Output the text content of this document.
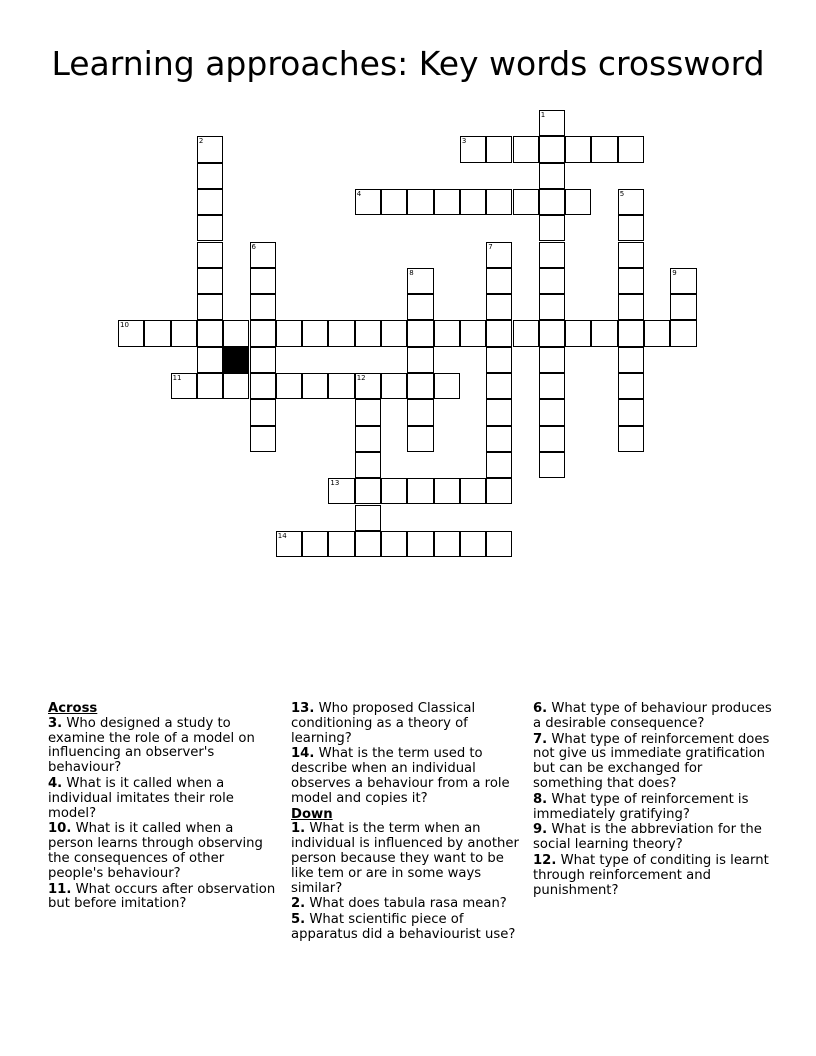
Learning approaches: Key words crossword
1
2	3
4	5
6	7
8	9
10
11	12
13
14
Across
3. Who designed a study to examine the role of a model on influencing an observer's behaviour?
4. What is it called when a individual imitates their role model?
10. What is it called when a person learns through observing the consequences of other people's behaviour?
11. What occurs after observation but before imitation?
13. Who proposed Classical conditioning as a theory of learning?
14. What is the term used to describe when an individual observes a behaviour from a role model and copies it?
Down
1. What is the term when an individual is influenced by another person because they want to be like tem or are in some ways similar?
2. What does tabula rasa mean?
5. What scientific piece of apparatus did a behaviourist use?
6. What type of behaviour produces a desirable consequence?
7. What type of reinforcement does not give us immediate gratification but can be exchanged for something that does?
8. What type of reinforcement is immediately gratifying?
9. What is the abbreviation for the social learning theory?
12. What type of conditing is learnt through reinforcement and punishment?
